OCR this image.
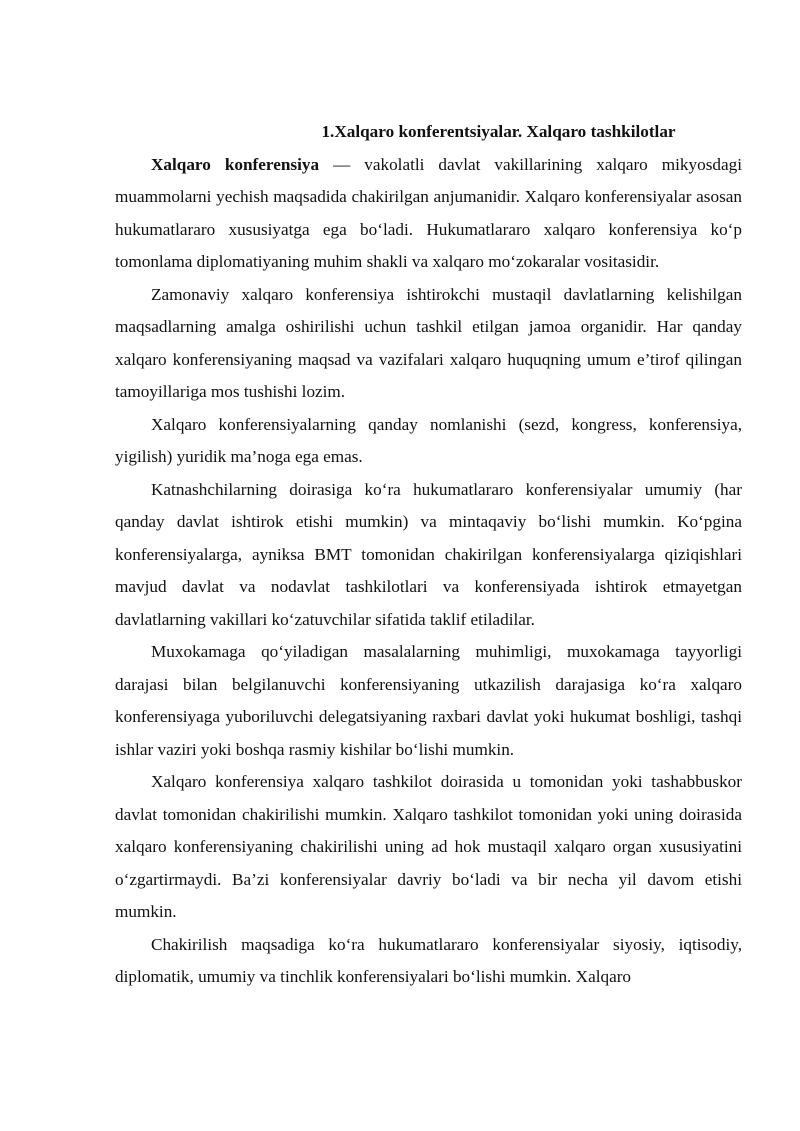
1.Xalqaro konferentsiyalar. Xalqaro tashkilotlar

Xalqaro konferensiya — vakolatli davlat vakillarining xalqaro mikyosdagi muammolarni yechish maqsadida chakirilgan anjumanidir. Xalqaro konferensiyalar asosan hukumatlararo xususiyatga ega boʻladi. Hukumatlararo xalqaro konferensiya koʻp tomonlama diplomatiyaning muhim shakli va xalqaro moʻzokaralar vositasidir.

Zamonaviy xalqaro konferensiya ishtirokchi mustaqil davlatlarning kelishilgan maqsadlarning amalga oshirilishi uchun tashkil etilgan jamoa organidir. Har qanday xalqaro konferensiyaning maqsad va vazifalari xalqaro huquqning umum e’tirof qilingan tamoyillariga mos tushishi lozim.

Xalqaro konferensiyalarning qanday nomlanishi (sezd, kongress, konferensiya, yigilish) yuridik ma’noga ega emas.

Katnashchilarning doirasiga koʻra hukumatlararo konferensiyalar umumiy (har qanday davlat ishtirok etishi mumkin) va mintaqaviy boʻlishi mumkin. Koʻpgina konferensiyalarga, ayniksa BMT tomonidan chakirilgan konferensiyalarga qiziqishlari mavjud davlat va nodavlat tashkilotlari va konferensiyada ishtirok etmayetgan davlatlarning vakillari koʻzatuvchilar sifatida taklif etiladilar.

Muxokamaga qoʻyiladigan masalalarning muhimligi, muxokamaga tayyorligi darajasi bilan belgilanuvchi konferensiyaning utkazilish darajasiga koʻra xalqaro konferensiyaga yuboriluvchi delegatsiyaning raxbari davlat yoki hukumat boshligi, tashqi ishlar vaziri yoki boshqa rasmiy kishilar boʻlishi mumkin.

Xalqaro konferensiya xalqaro tashkilot doirasida u tomonidan yoki tashabbuskor davlat tomonidan chakirilishi mumkin. Xalqaro tashkilot tomonidan yoki uning doirasida xalqaro konferensiyaning chakirilishi uning ad hok mustaqil xalqaro organ xususiyatini oʻzgartirmaydi. Ba’zi konferensiyalar davriy boʻladi va bir necha yil davom etishi mumkin.

Chakirilish maqsadiga koʻra hukumatlararo konferensiyalar siyosiy, iqtisodiy, diplomatik, umumiy va tinchlik konferensiyalari boʻlishi mumkin. Xalqaro
